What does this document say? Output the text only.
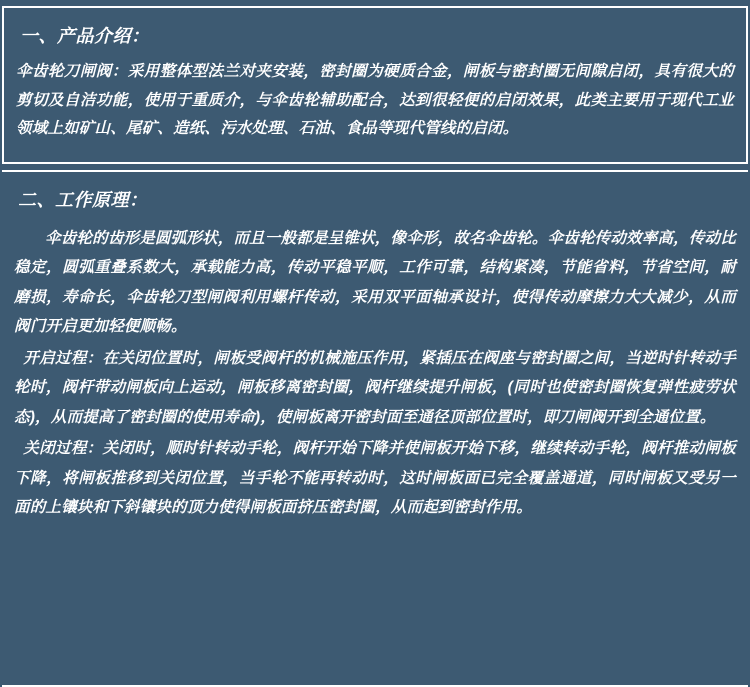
一、产品介绍：

伞齿轮刀闸阀：采用整体型法兰对夹安装，密封圈为硬质合金，闸板与密封圈无间隙启闭，具有很大的剪切及自洁功能，使用于重质介，与伞齿轮辅助配合，达到很轻便的启闭效果，此类主要用于现代工业领域上如矿山、尾矿、造纸、污水处理、石油、食品等现代管线的启闭。

二、工作原理：

伞齿轮的齿形是圆弧形状，而且一般都是呈锥状，像伞形，故名伞齿轮。伞齿轮传动效率高，传动比稳定，圆弧重叠系数大，承载能力高，传动平稳平顺，工作可靠，结构紧凑，节能省料，节省空间，耐磨损，寿命长，伞齿轮刀型闸阀利用螺杆传动，采用双平面轴承设计，使得传动摩擦力大大减少，从而阀门开启更加轻便顺畅。

开启过程：在关闭位置时，闸板受阀杆的机械施压作用，紧插压在阀座与密封圈之间，当逆时针转动手轮时，阀杆带动闸板向上运动，闸板移离密封圈，阀杆继续提升闸板，(同时也使密封圈恢复弹性疲劳状态)，从而提高了密封圈的使用寿命)，使闸板离开密封面至通径顶部位置时，即刀闸阀开到全通位置。

关闭过程：关闭时，顺时针转动手轮，阀杆开始下降并使闸板开始下移，继续转动手轮，阀杆推动闸板下降，将闸板推移到关闭位置，当手轮不能再转动时，这时闸板面已完全覆盖通道，同时闸板又受另一面的上镶块和下斜镶块的顶力使得闸板面挤压密封圈，从而起到密封作用。
